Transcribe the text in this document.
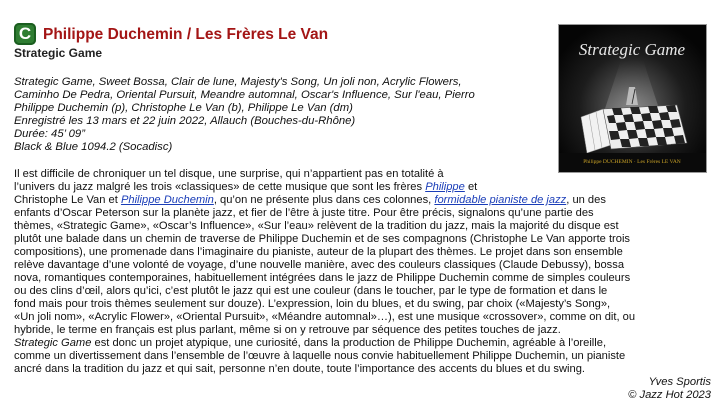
C Philippe Duchemin / Les Frères Le Van
Strategic Game	Strategic Game
Philippe DUCHEMIN · Les Frères LE VAN
Strategic Game, Sweet Bossa, Clair de lune, Majesty's Song, Un joli non, Acrylic Flowers,
Caminho De Pedra, Oriental Pursuit, Meandre automnal, Oscar's Influence, Sur l'eau, Pierro
Philippe Duchemin (p), Christophe Le Van (b), Philippe Le Van (dm)
Enregistré les 13 mars et 22 juin 2022, Allauch (Bouches-du-Rhône)
Durée: 45’ 09”
Black & Blue 1094.2 (Socadisc)
Il est difficile de chroniquer un tel disque, une surprise, qui n’appartient pas en totalité à
l’univers du jazz malgré les trois «classiques» de cette musique que sont les frères Philippe et
Christophe Le Van et Philippe Duchemin, qu’on ne présente plus dans ces colonnes, formidable pianiste de jazz, un des
enfants d’Oscar Peterson sur la planète jazz, et fier de l’être à juste titre. Pour être précis, signalons qu’une partie des
thèmes, «Strategic Game», «Oscar’s Influence», «Sur l’eau» relèvent de la tradition du jazz, mais la majorité du disque est
plutôt une balade dans un chemin de traverse de Philippe Duchemin et de ses compagnons (Christophe Le Van apporte trois
compositions), une promenade dans l’imaginaire du pianiste, auteur de la plupart des thèmes. Le projet dans son ensemble
relève davantage d’une volonté de voyage, d’une nouvelle manière, avec des couleurs classiques (Claude Debussy), bossa
nova, romantiques contemporaines, habituellement intégrées dans le jazz de Philippe Duchemin comme de simples couleurs
ou des clins d’œil, alors qu’ici, c’est plutôt le jazz qui est une couleur (dans le toucher, par le type de formation et dans le
fond mais pour trois thèmes seulement sur douze). L’expression, loin du blues, et du swing, par choix («Majesty’s Song»,
«Un joli nom», «Acrylic Flower», «Oriental Pursuit», «Méandre automnal»…), est une musique «crossover», comme on dit, ou
hybride, le terme en français est plus parlant, même si on y retrouve par séquence des petites touches de jazz.
Strategic Game est donc un projet atypique, une curiosité, dans la production de Philippe Duchemin, agréable à l’oreille,
comme un divertissement dans l’ensemble de l’œuvre à laquelle nous convie habituellement Philippe Duchemin, un pianiste
ancré dans la tradition du jazz et qui sait, personne n’en doute, toute l’importance des accents du blues et du swing.
Yves Sportis
© Jazz Hot 2023
